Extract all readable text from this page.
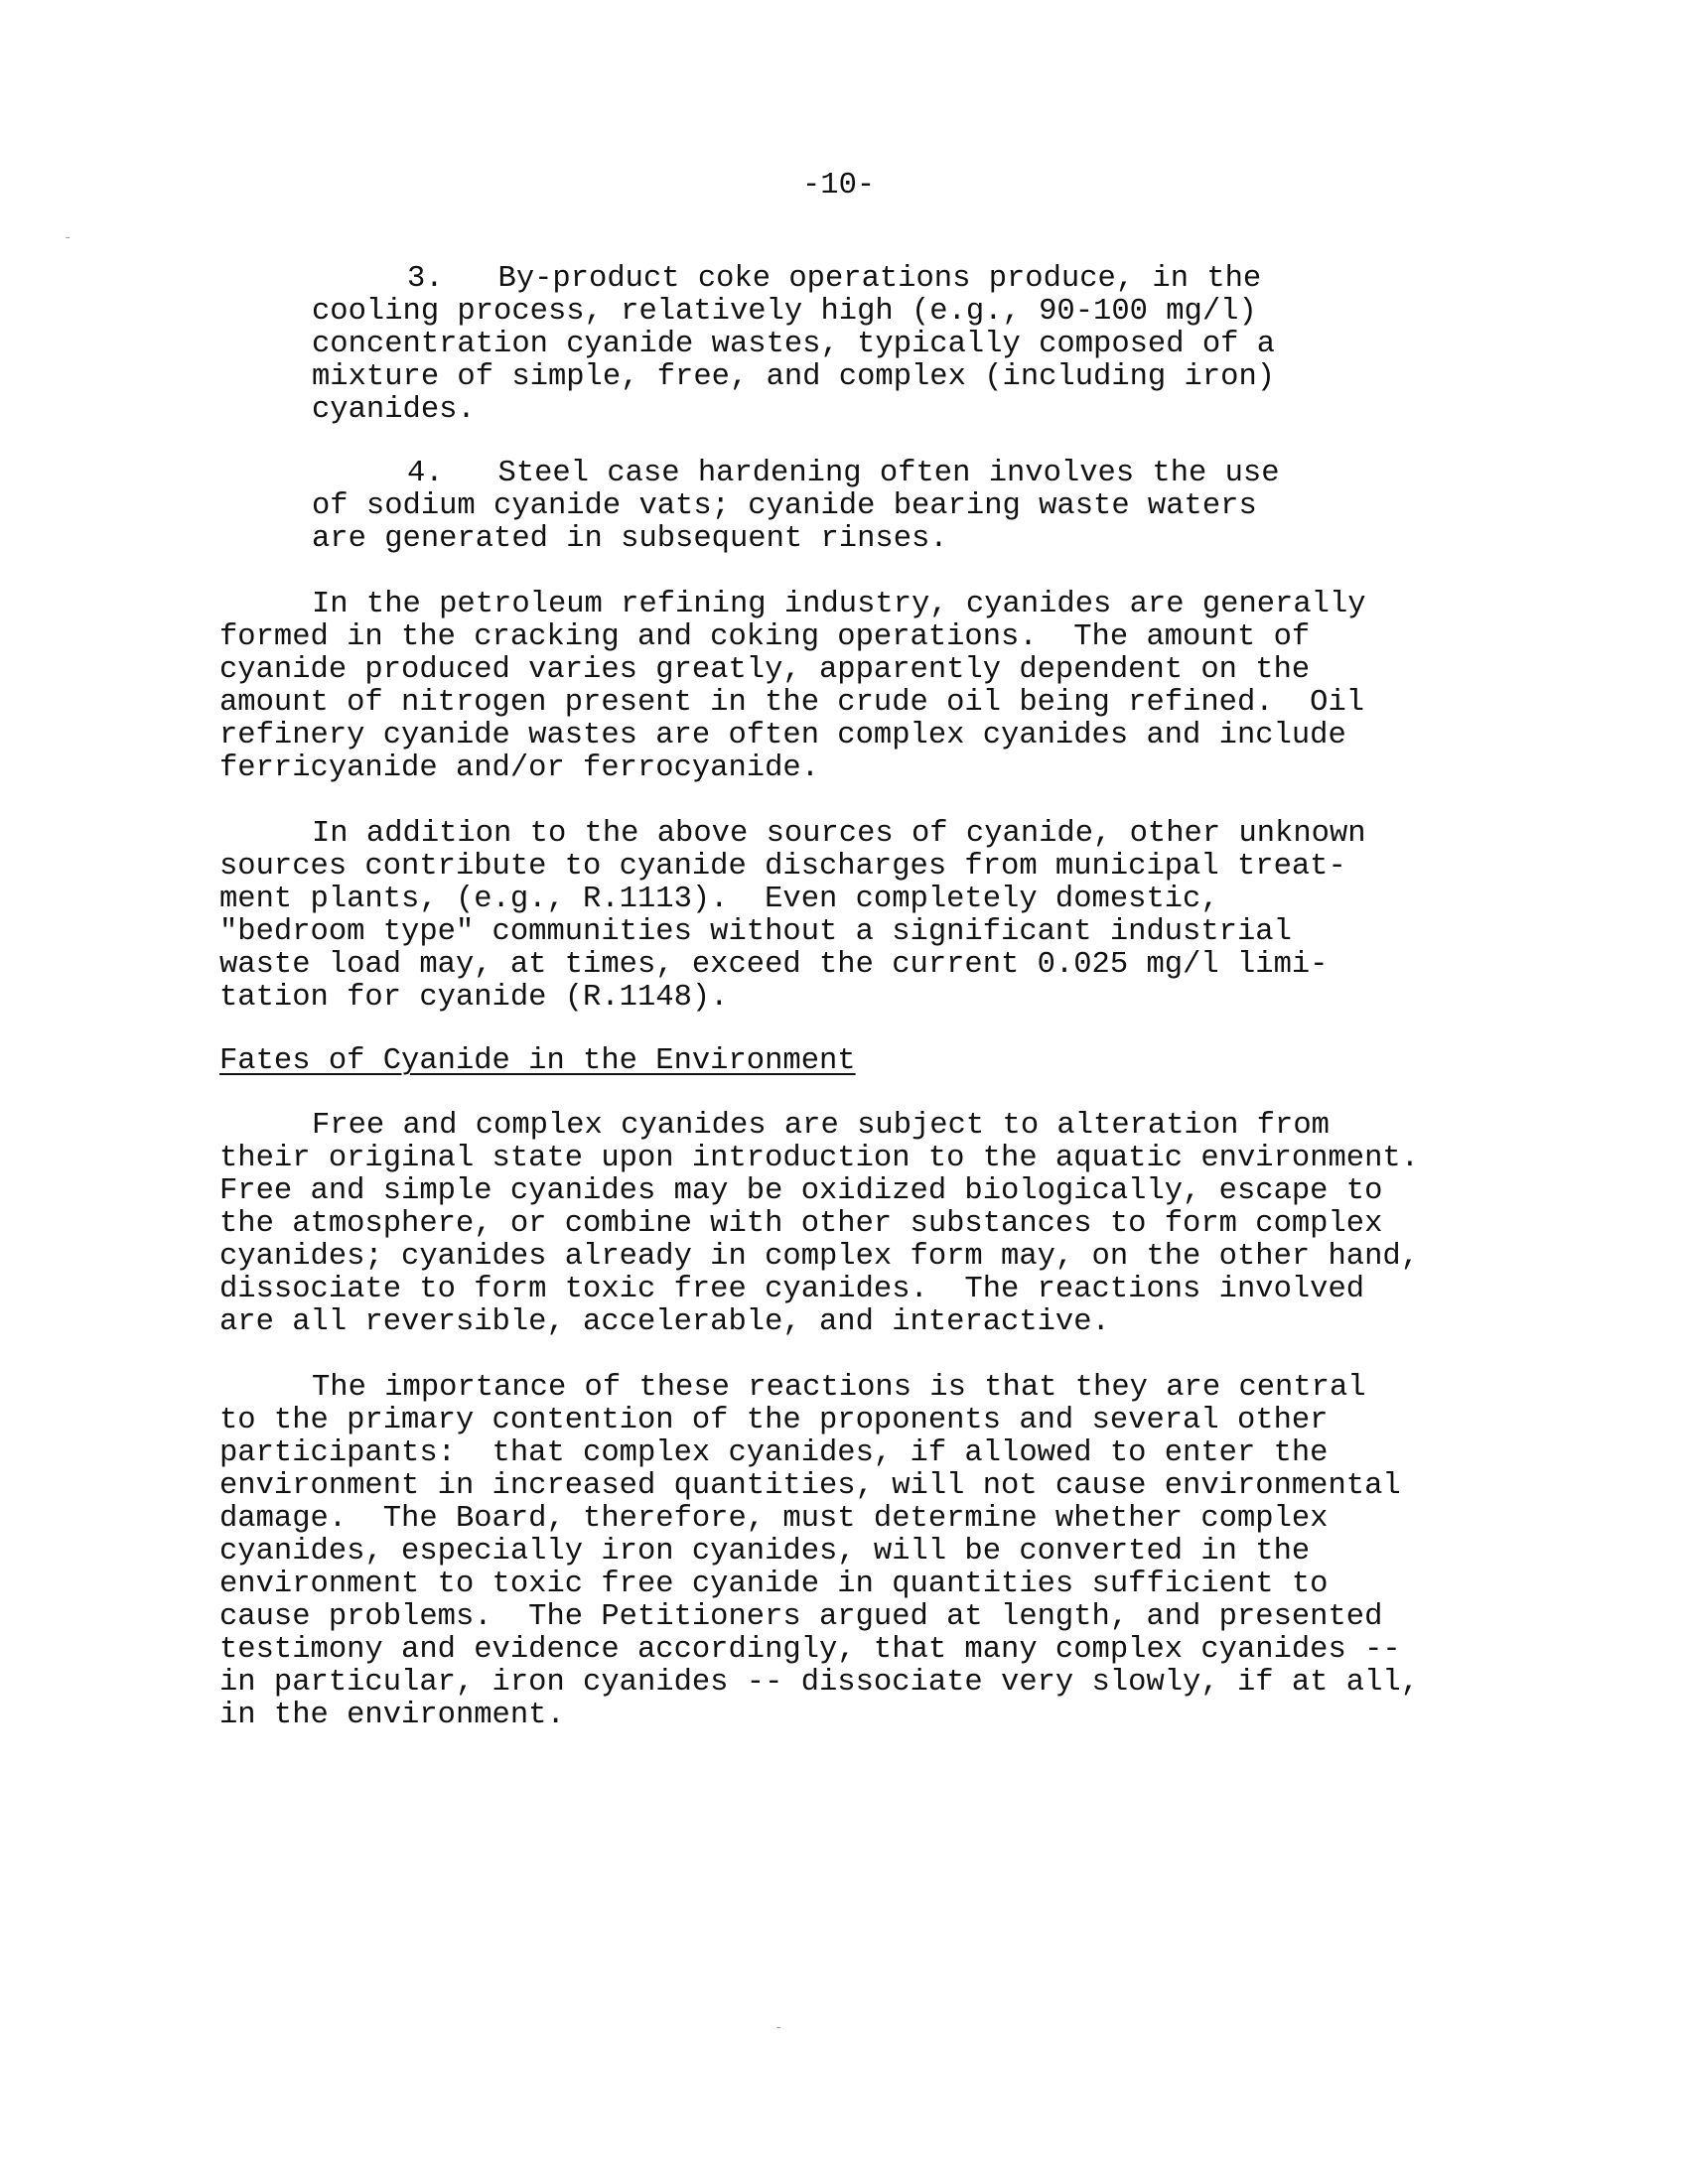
-10-
-
3.   By-product coke operations produce, in the
cooling process, relatively high (e.g., 90-100 mg/l)
concentration cyanide wastes, typically composed of a
mixture of simple, free, and complex (including iron)
cyanides.
4.   Steel case hardening often involves the use
of sodium cyanide vats; cyanide bearing waste waters
are generated in subsequent rinses.
In the petroleum refining industry, cyanides are generally
formed in the cracking and coking operations.  The amount of
cyanide produced varies greatly, apparently dependent on the
amount of nitrogen present in the crude oil being refined.  Oil
refinery cyanide wastes are often complex cyanides and include
ferricyanide and/or ferrocyanide.
In addition to the above sources of cyanide, other unknown
sources contribute to cyanide discharges from municipal treat-
ment plants, (e.g., R.1113).  Even completely domestic,
"bedroom type" communities without a significant industrial
waste load may, at times, exceed the current 0.025 mg/l limi-
tation for cyanide (R.1148).
Fates of Cyanide in the Environment
Free and complex cyanides are subject to alteration from
their original state upon introduction to the aquatic environment.
Free and simple cyanides may be oxidized biologically, escape to
the atmosphere, or combine with other substances to form complex
cyanides; cyanides already in complex form may, on the other hand,
dissociate to form toxic free cyanides.  The reactions involved
are all reversible, accelerable, and interactive.
The importance of these reactions is that they are central
to the primary contention of the proponents and several other
participants:  that complex cyanides, if allowed to enter the
environment in increased quantities, will not cause environmental
damage.  The Board, therefore, must determine whether complex
cyanides, especially iron cyanides, will be converted in the
environment to toxic free cyanide in quantities sufficient to
cause problems.  The Petitioners argued at length, and presented
testimony and evidence accordingly, that many complex cyanides --
in particular, iron cyanides -- dissociate very slowly, if at all,
in the environment.
-
